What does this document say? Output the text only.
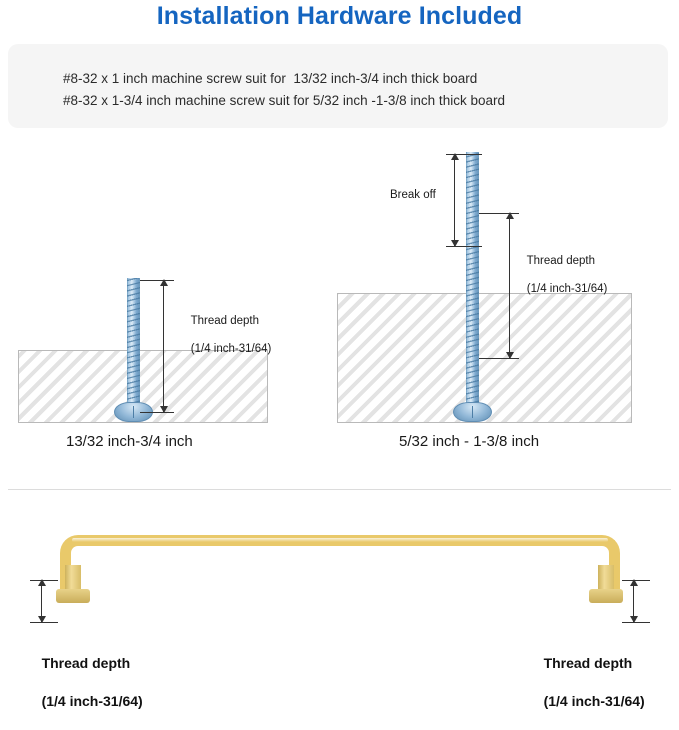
Installation Hardware Included
#8-32 x 1 inch machine screw suit for  13/32 inch-3/4 inch thick board
#8-32 x 1-3/4 inch machine screw suit for 5/32 inch -1-3/8 inch thick board

Thread depth

(1/4 inch-31/64)

13/32 inch-3/4 inch
Break off

Thread depth

(1/4 inch-31/64)

5/32 inch - 1-3/8 inch

Thread depth

(1/4 inch-31/64)

Thread depth

(1/4 inch-31/64)
